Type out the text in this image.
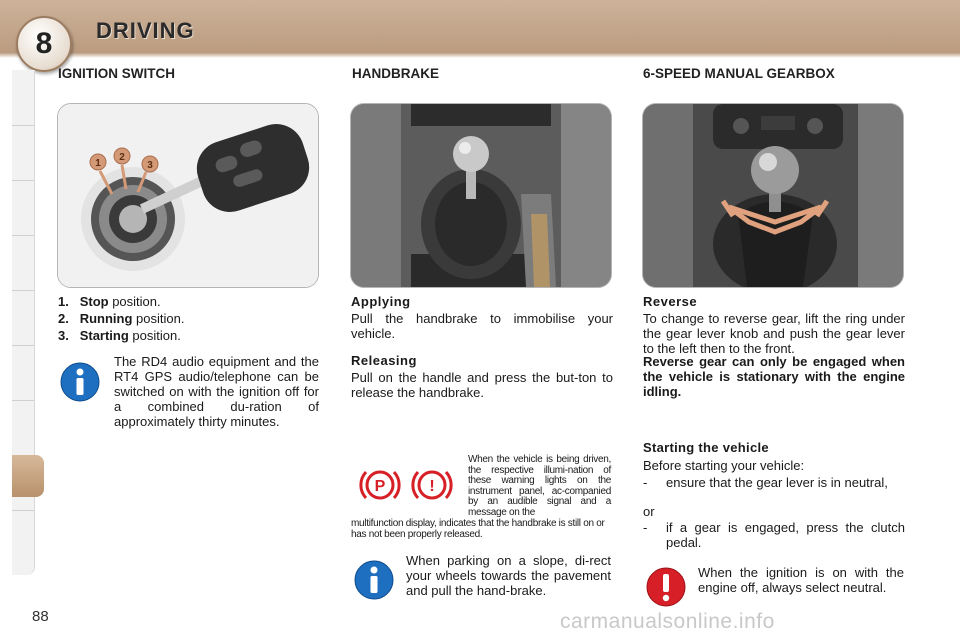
8 DRIVING
IGNITION SWITCH
1
2
3
1. Stop position.
2. Running position.
3. Starting position.
The RD4 audio equipment and the RT4 GPS audio/telephone can be switched on with the ignition off for a combined du-ration of approximately thirty minutes.
HANDBRAKE
Applying
Pull the handbrake to immobilise your vehicle.
Releasing
Pull on the handle and press the but-ton to release the handbrake.
P	!
When the vehicle is being driven, the respective illumi-nation of these warning lights on the instrument panel, ac-companied by an audible signal and a message on the
multifunction display, indicates that the handbrake is still on or has not been properly released.
When parking on a slope, di-rect your wheels towards the pavement and pull the hand-brake.
6-SPEED MANUAL GEARBOX
Reverse
To change to reverse gear, lift the ring under the gear lever knob and push the gear lever to the left then to the front.
Reverse gear can only be engaged when the vehicle is stationary with the engine idling.
Starting the vehicle
Before starting your vehicle:
- ensure that the gear lever is in neutral,
or
- if a gear is engaged, press the clutch pedal.
When the ignition is on with the engine off, always select neutral.
88	carmanualsonline.info
